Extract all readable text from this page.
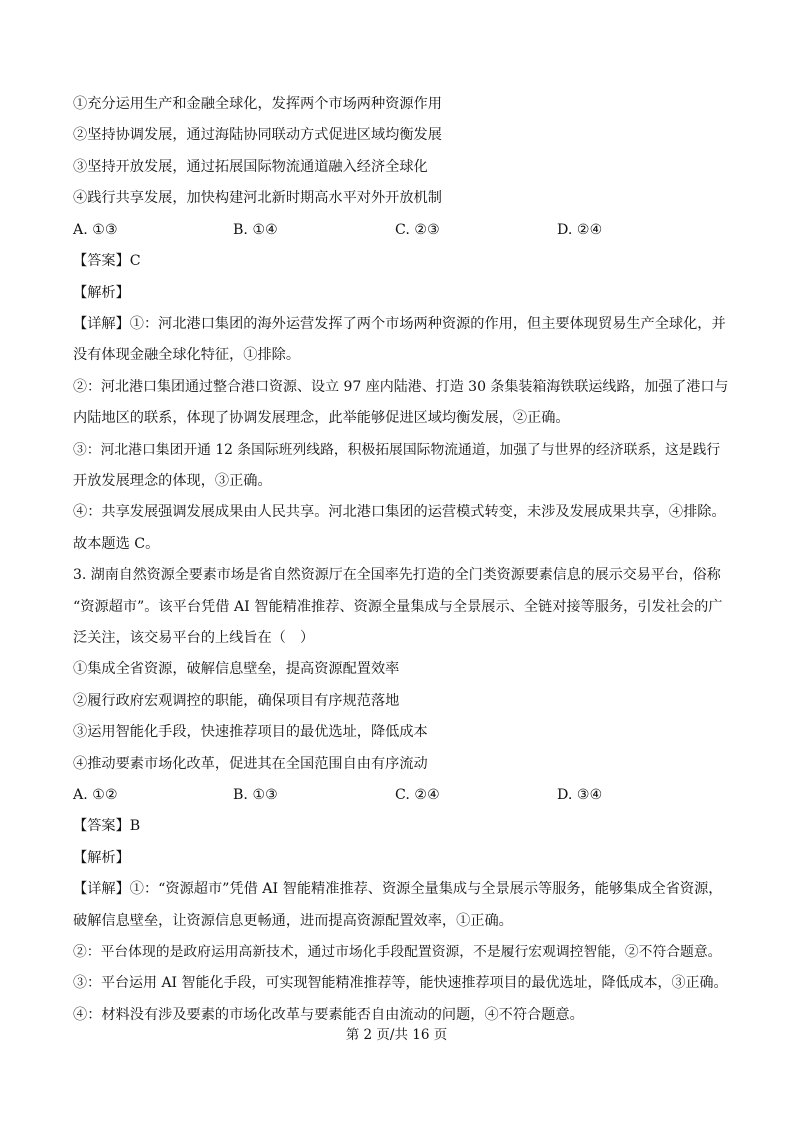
①充分运用生产和金融全球化，发挥两个市场两种资源作用
②坚持协调发展，通过海陆协同联动方式促进区域均衡发展
③坚持开放发展，通过拓展国际物流通道融入经济全球化
④践行共享发展，加快构建河北新时期高水平对外开放机制
A. ①③	B. ①④	C. ②③	D. ②④
【答案】C
【解析】
【详解】①：河北港口集团的海外运营发挥了两个市场两种资源的作用，但主要体现贸易生产全球化，并
没有体现金融全球化特征，①排除。
②：河北港口集团通过整合港口资源、设立 97 座内陆港、打造 30 条集装箱海铁联运线路，加强了港口与
内陆地区的联系，体现了协调发展理念，此举能够促进区域均衡发展，②正确。
③：河北港口集团开通 12 条国际班列线路，积极拓展国际物流通道，加强了与世界的经济联系，这是践行
开放发展理念的体现，③正确。
④：共享发展强调发展成果由人民共享。河北港口集团的运营模式转变，未涉及发展成果共享，④排除。
故本题选 C。
3. 湖南自然资源全要素市场是省自然资源厅在全国率先打造的全门类资源要素信息的展示交易平台，俗称
“资源超市”。该平台凭借 AI 智能精准推荐、资源全量集成与全景展示、全链对接等服务，引发社会的广
泛关注，该交易平台的上线旨在（　）
①集成全省资源，破解信息壁垒，提高资源配置效率
②履行政府宏观调控的职能，确保项目有序规范落地
③运用智能化手段，快速推荐项目的最优选址，降低成本
④推动要素市场化改革，促进其在全国范围自由有序流动
A. ①②	B. ①③	C. ②④	D. ③④
【答案】B
【解析】
【详解】①：“资源超市”凭借 AI 智能精准推荐、资源全量集成与全景展示等服务，能够集成全省资源，
破解信息壁垒，让资源信息更畅通，进而提高资源配置效率，①正确。
②：平台体现的是政府运用高新技术，通过市场化手段配置资源，不是履行宏观调控智能，②不符合题意。
③：平台运用 AI 智能化手段，可实现智能精准推荐等，能快速推荐项目的最优选址，降低成本，③正确。
④：材料没有涉及要素的市场化改革与要素能否自由流动的问题，④不符合题意。
第 2 页/共 16 页
